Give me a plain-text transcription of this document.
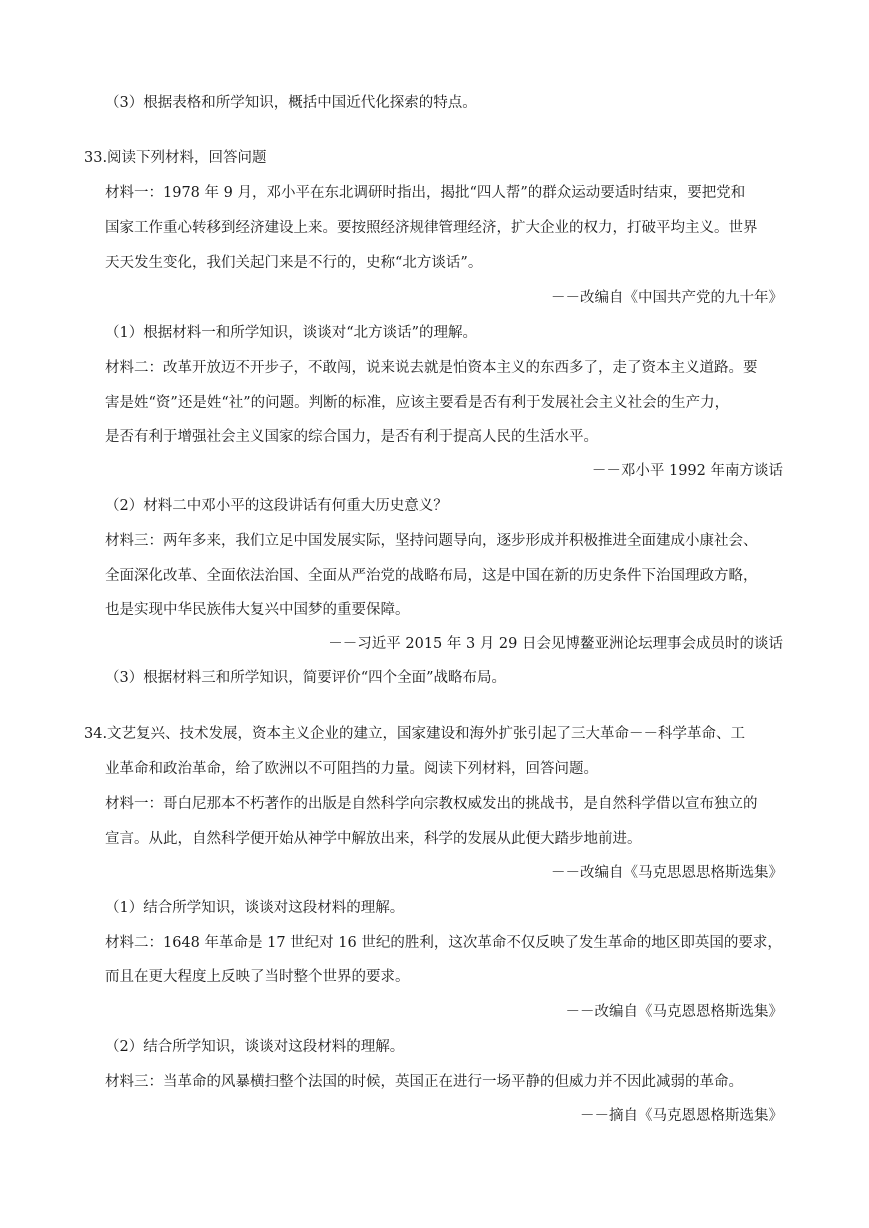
（3）根据表格和所学知识，概括中国近代化探索的特点。
33.阅读下列材料，回答问题
材料一：1978 年 9 月，邓小平在东北调研时指出，揭批“四人帮”的群众运动要适时结束，要把党和
国家工作重心转移到经济建设上来。要按照经济规律管理经济，扩大企业的权力，打破平均主义。世界
天天发生变化，我们关起门来是不行的，史称“北方谈话”。
－－改编自《中国共产党的九十年》
（1）根据材料一和所学知识，谈谈对“北方谈话”的理解。
材料二：改革开放迈不开步子，不敢闯，说来说去就是怕资本主义的东西多了，走了资本主义道路。要
害是姓“资”还是姓“社”的问题。判断的标准，应该主要看是否有利于发展社会主义社会的生产力，
是否有利于增强社会主义国家的综合国力，是否有利于提高人民的生活水平。
－－邓小平 1992 年南方谈话
（2）材料二中邓小平的这段讲话有何重大历史意义？
材料三：两年多来，我们立足中国发展实际，坚持问题导向，逐步形成并积极推进全面建成小康社会、
全面深化改革、全面依法治国、全面从严治党的战略布局，这是中国在新的历史条件下治国理政方略，
也是实现中华民族伟大复兴中国梦的重要保障。
－－习近平 2015 年 3 月 29 日会见博鳌亚洲论坛理事会成员时的谈话
（3）根据材料三和所学知识，简要评价“四个全面”战略布局。
34.文艺复兴、技术发展，资本主义企业的建立，国家建设和海外扩张引起了三大革命－－科学革命、工
业革命和政治革命，给了欧洲以不可阻挡的力量。阅读下列材料，回答问题。
材料一：哥白尼那本不朽著作的出版是自然科学向宗教权威发出的挑战书，是自然科学借以宣布独立的
宣言。从此，自然科学便开始从神学中解放出来，科学的发展从此便大踏步地前进。
－－改编自《马克思恩思格斯选集》
（1）结合所学知识，谈谈对这段材料的理解。
材料二：1648 年革命是 17 世纪对 16 世纪的胜利，这次革命不仅反映了发生革命的地区即英国的要求，
而且在更大程度上反映了当时整个世界的要求。
－－改编自《马克恩恩格斯选集》
（2）结合所学知识，谈谈对这段材料的理解。
材料三：当革命的风暴横扫整个法国的时候，英国正在进行一场平静的但威力并不因此减弱的革命。
－－摘自《马克恩恩格斯选集》
